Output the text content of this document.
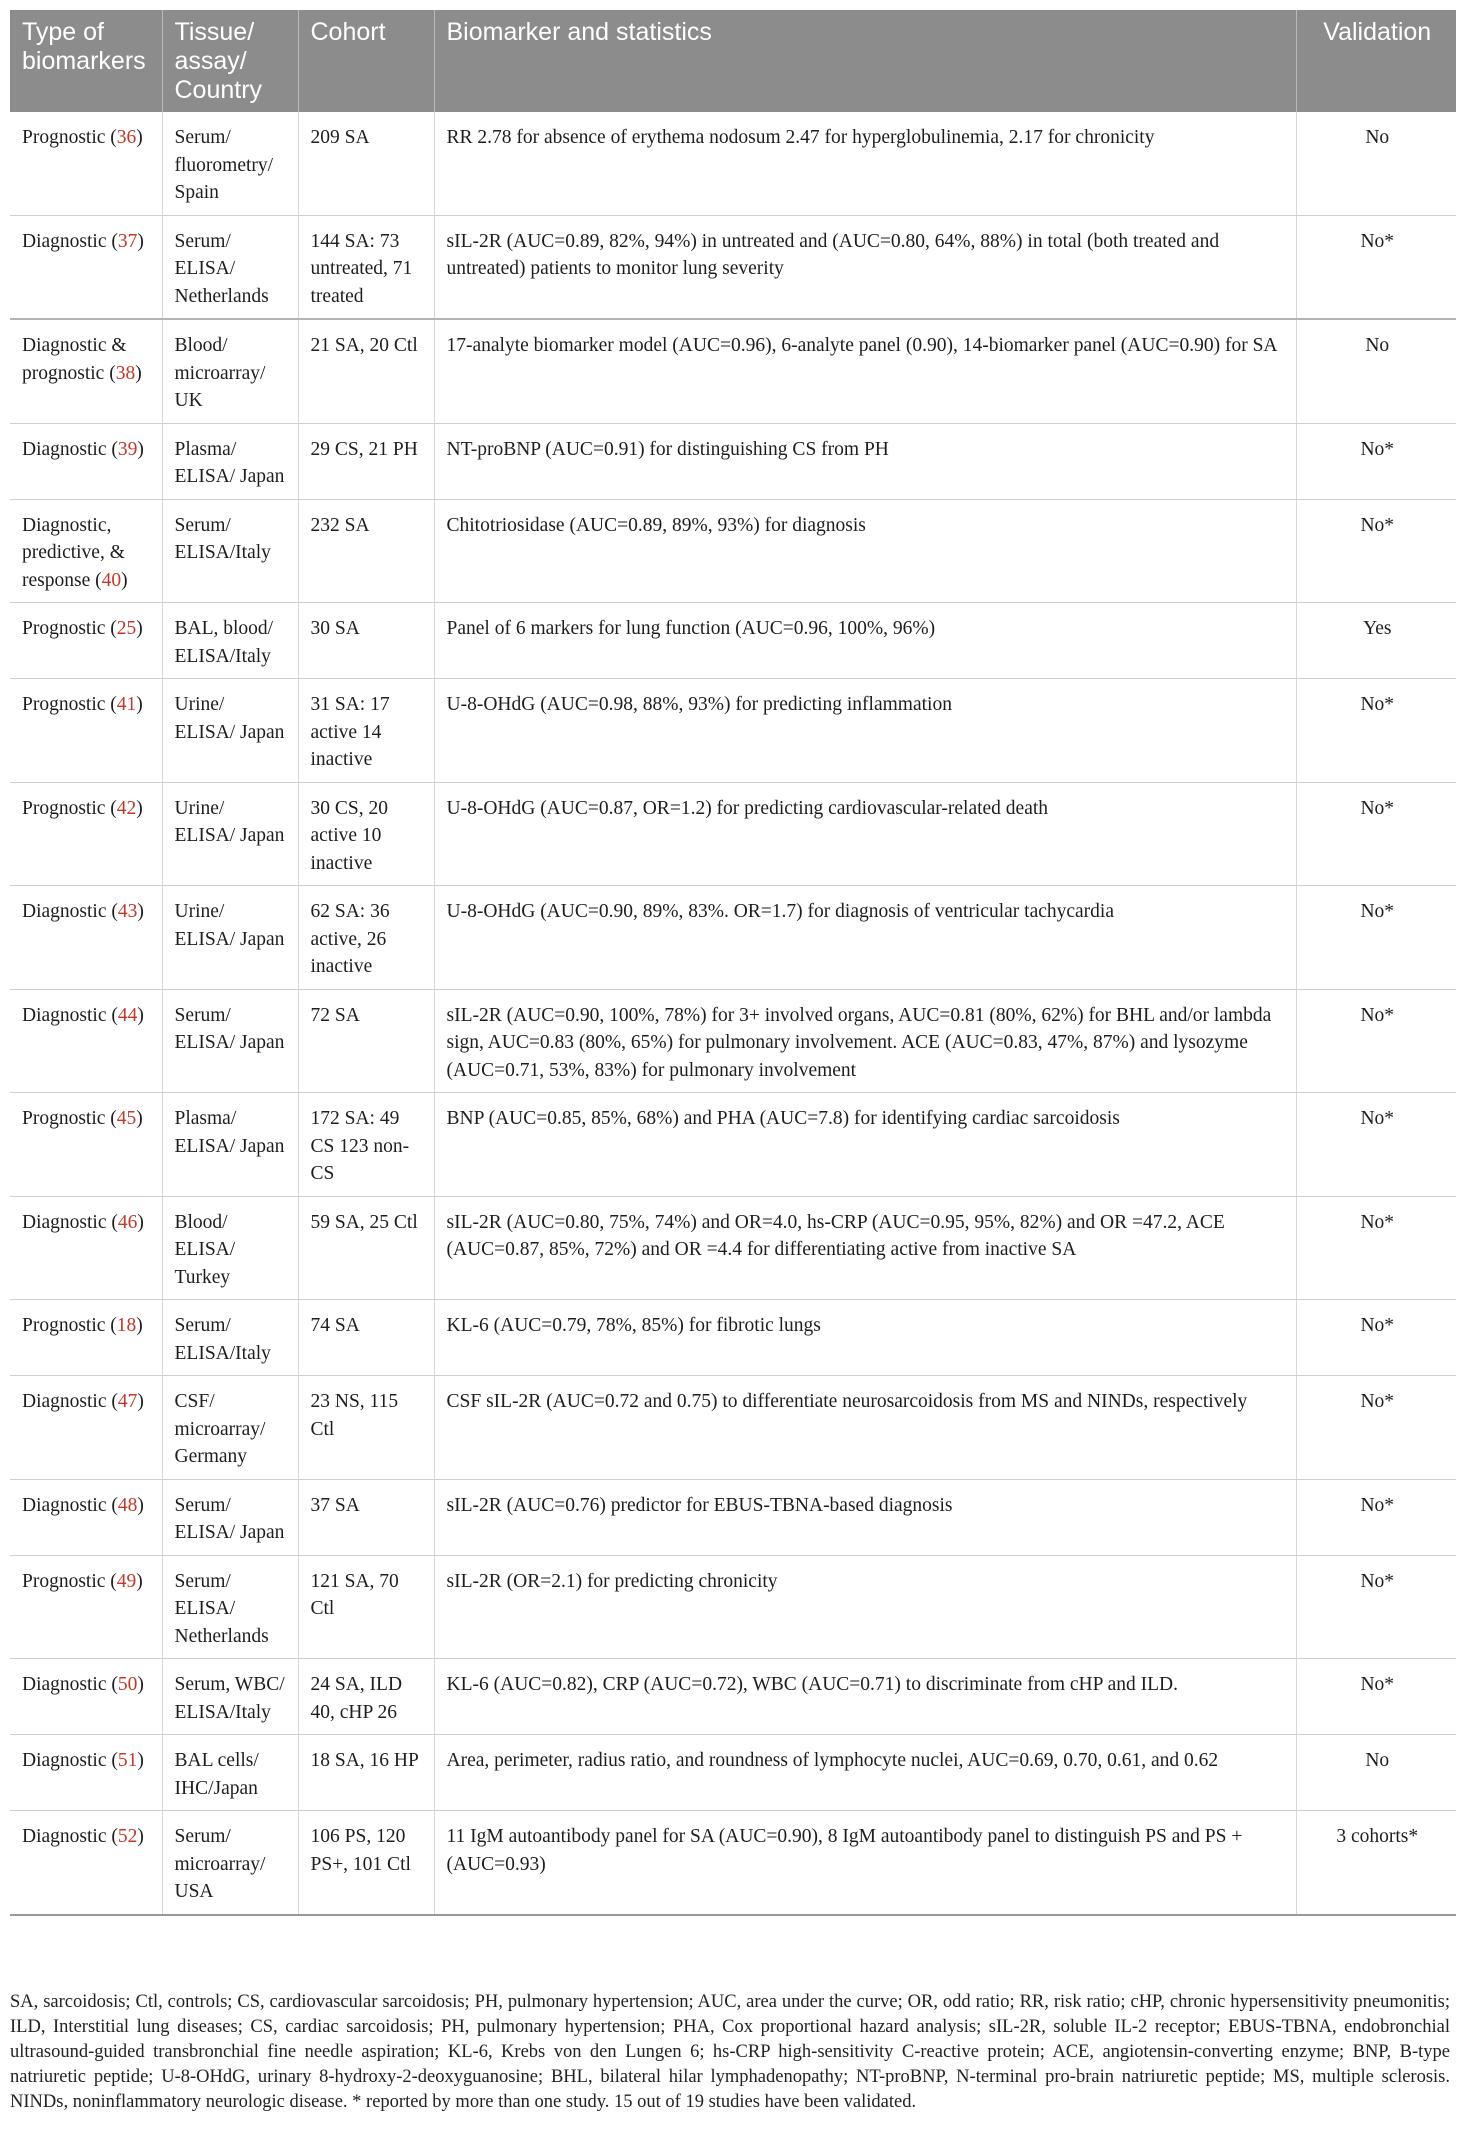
Type of biomarkers	Tissue/ assay/ Country	Cohort	Biomarker and statistics	Validation
Prognostic (36)	Serum/ fluorometry/ Spain	209 SA	RR 2.78 for absence of erythema nodosum 2.47 for hyperglobulinemia, 2.17 for chronicity	No
Diagnostic (37)	Serum/ ELISA/ Netherlands	144 SA: 73 untreated, 71 treated	sIL-2R (AUC=0.89, 82%, 94%) in untreated and (AUC=0.80, 64%, 88%) in total (both treated and untreated) patients to monitor lung severity	No*
Diagnostic & prognostic (38)	Blood/ microarray/ UK	21 SA, 20 Ctl	17-analyte biomarker model (AUC=0.96), 6-analyte panel (0.90), 14-biomarker panel (AUC=0.90) for SA	No
Diagnostic (39)	Plasma/ ELISA/ Japan	29 CS, 21 PH	NT-proBNP (AUC=0.91) for distinguishing CS from PH	No*
Diagnostic, predictive, & response (40)	Serum/ ELISA/Italy	232 SA	Chitotriosidase (AUC=0.89, 89%, 93%) for diagnosis	No*
Prognostic (25)	BAL, blood/ ELISA/Italy	30 SA	Panel of 6 markers for lung function (AUC=0.96, 100%, 96%)	Yes
Prognostic (41)	Urine/ ELISA/ Japan	31 SA: 17 active 14 inactive	U-8-OHdG (AUC=0.98, 88%, 93%) for predicting inflammation	No*
Prognostic (42)	Urine/ ELISA/ Japan	30 CS, 20 active 10 inactive	U-8-OHdG (AUC=0.87, OR=1.2) for predicting cardiovascular-related death	No*
Diagnostic (43)	Urine/ ELISA/ Japan	62 SA: 36 active, 26 inactive	U-8-OHdG (AUC=0.90, 89%, 83%. OR=1.7) for diagnosis of ventricular tachycardia	No*
Diagnostic (44)	Serum/ ELISA/ Japan	72 SA	sIL-2R (AUC=0.90, 100%, 78%) for 3+ involved organs, AUC=0.81 (80%, 62%) for BHL and/or lambda sign, AUC=0.83 (80%, 65%) for pulmonary involvement. ACE (AUC=0.83, 47%, 87%) and lysozyme (AUC=0.71, 53%, 83%) for pulmonary involvement	No*
Prognostic (45)	Plasma/ ELISA/ Japan	172 SA: 49 CS 123 non-CS	BNP (AUC=0.85, 85%, 68%) and PHA (AUC=7.8) for identifying cardiac sarcoidosis	No*
Diagnostic (46)	Blood/ ELISA/ Turkey	59 SA, 25 Ctl	sIL-2R (AUC=0.80, 75%, 74%) and OR=4.0, hs-CRP (AUC=0.95, 95%, 82%) and OR =47.2, ACE (AUC=0.87, 85%, 72%) and OR =4.4 for differentiating active from inactive SA	No*
Prognostic (18)	Serum/ ELISA/Italy	74 SA	KL-6 (AUC=0.79, 78%, 85%) for fibrotic lungs	No*
Diagnostic (47)	CSF/ microarray/ Germany	23 NS, 115 Ctl	CSF sIL-2R (AUC=0.72 and 0.75) to differentiate neurosarcoidosis from MS and NINDs, respectively	No*
Diagnostic (48)	Serum/ ELISA/ Japan	37 SA	sIL-2R (AUC=0.76) predictor for EBUS-TBNA-based diagnosis	No*
Prognostic (49)	Serum/ ELISA/ Netherlands	121 SA, 70 Ctl	sIL-2R (OR=2.1) for predicting chronicity	No*
Diagnostic (50)	Serum, WBC/ ELISA/Italy	24 SA, ILD 40, cHP 26	KL-6 (AUC=0.82), CRP (AUC=0.72), WBC (AUC=0.71) to discriminate from cHP and ILD.	No*
Diagnostic (51)	BAL cells/ IHC/Japan	18 SA, 16 HP	Area, perimeter, radius ratio, and roundness of lymphocyte nuclei, AUC=0.69, 0.70, 0.61, and 0.62	No
Diagnostic (52)	Serum/ microarray/ USA	106 PS, 120 PS+, 101 Ctl	11 IgM autoantibody panel for SA (AUC=0.90), 8 IgM autoantibody panel to distinguish PS and PS + (AUC=0.93)	3 cohorts*
SA, sarcoidosis; Ctl, controls; CS, cardiovascular sarcoidosis; PH, pulmonary hypertension; AUC, area under the curve; OR, odd ratio; RR, risk ratio; cHP, chronic hypersensitivity pneumonitis; ILD, Interstitial lung diseases; CS, cardiac sarcoidosis; PH, pulmonary hypertension; PHA, Cox proportional hazard analysis; sIL-2R, soluble IL-2 receptor; EBUS-TBNA, endobronchial ultrasound-guided transbronchial fine needle aspiration; KL-6, Krebs von den Lungen 6; hs-CRP high-sensitivity C-reactive protein; ACE, angiotensin-converting enzyme; BNP, B-type natriuretic peptide; U-8-OHdG, urinary 8-hydroxy-2-deoxyguanosine; BHL, bilateral hilar lymphadenopathy; NT-proBNP, N-terminal pro-brain natriuretic peptide; MS, multiple sclerosis. NINDs, noninflammatory neurologic disease. * reported by more than one study. 15 out of 19 studies have been validated.
